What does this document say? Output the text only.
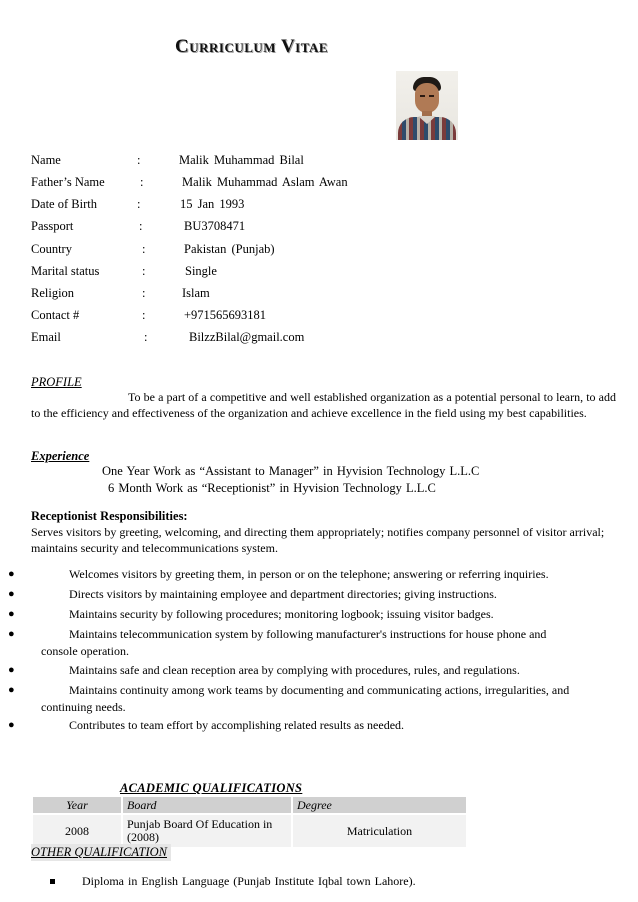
Curriculum Vitae
Name	:	Malik Muhammad Bilal
Father’s Name	:	Malik Muhammad Aslam Awan
Date of Birth	:	15 Jan 1993
Passport	:	BU3708471
Country	:	Pakistan (Punjab)
Marital status	:	Single
Religion	:	Islam
Contact #	:	+971565693181
Email	:	BilzzBilal@gmail.com
PROFILE
To be a part of a competitive and well established organization as a potential personal to learn, to add to the efficiency and effectiveness of the organization and achieve excellence in the field using my best capabilities.
Experience
One Year Work as “Assistant to Manager” in Hyvision Technology L.L.C
6 Month Work as “Receptionist” in Hyvision Technology L.L.C
Receptionist Responsibilities:
Serves visitors by greeting, welcoming, and directing them appropriately; notifies company personnel of visitor arrival; maintains security and telecommunications system.
●	Welcomes visitors by greeting them, in person or on the telephone; answering or referring inquiries.
●	Directs visitors by maintaining employee and department directories; giving instructions.
●	Maintains security by following procedures; monitoring logbook; issuing visitor badges.
●	Maintains telecommunication system by following manufacturer's instructions for house phone and
console operation.
●	Maintains safe and clean reception area by complying with procedures, rules, and regulations.
●	Maintains continuity among work teams by documenting and communicating actions, irregularities, and
continuing needs.
●	Contributes to team effort by accomplishing related results as needed.
ACADEMIC QUALIFICATIONS
Year	Board	Degree
2008	Punjab Board Of Education in (2008)	Matriculation
OTHER QUALIFICATION
Diploma in English Language (Punjab Institute Iqbal town Lahore).
